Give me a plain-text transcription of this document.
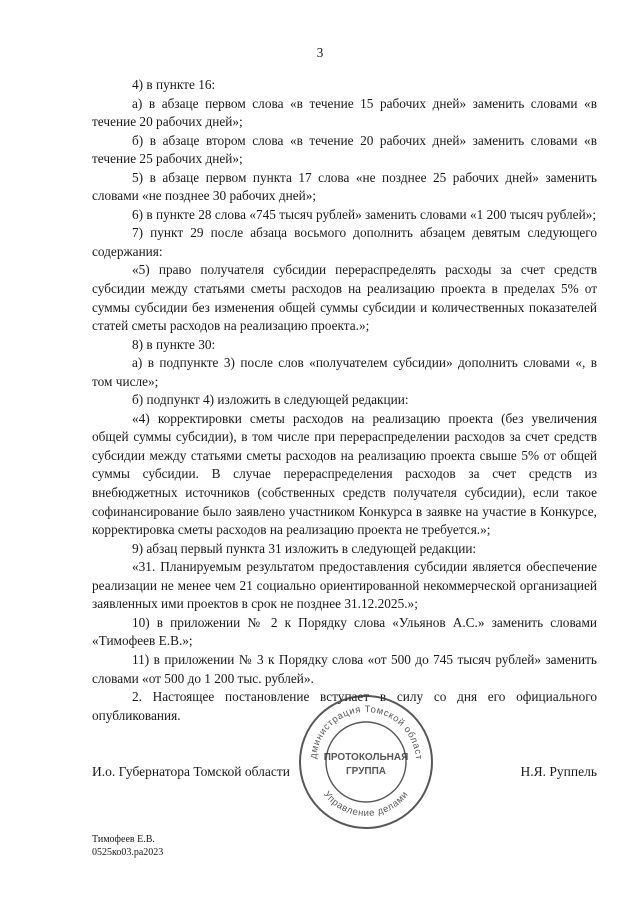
3

4) в пункте 16:

а) в абзаце первом слова «в течение 15 рабочих дней» заменить словами «в течение 20 рабочих дней»;

б) в абзаце втором слова «в течение 20 рабочих дней» заменить словами «в течение 25 рабочих дней»;

5) в абзаце первом пункта 17 слова «не позднее 25 рабочих дней» заменить словами «не позднее 30 рабочих дней»;

6) в пункте 28 слова «745 тысяч рублей» заменить словами «1 200 тысяч рублей»;

7) пункт 29 после абзаца восьмого дополнить абзацем девятым следующего содержания:

«5) право получателя субсидии перераспределять расходы за счет средств субсидии между статьями сметы расходов на реализацию проекта в пределах 5% от суммы субсидии без изменения общей суммы субсидии и количественных показателей статей сметы расходов на реализацию проекта.»;

8) в пункте 30:

а) в подпункте 3) после слов «получателем субсидии» дополнить словами «, в том числе»;

б) подпункт 4) изложить в следующей редакции:

«4) корректировки сметы расходов на реализацию проекта (без увеличения общей суммы субсидии), в том числе при перераспределении расходов за счет средств субсидии между статьями сметы расходов на реализацию проекта свыше 5% от общей суммы субсидии. В случае перераспределения расходов за счет средств из внебюджетных источников (собственных средств получателя субсидии), если такое софинансирование было заявлено участником Конкурса в заявке на участие в Конкурсе, корректировка сметы расходов на реализацию проекта не требуется.»;

9) абзац первый пункта 31 изложить в следующей редакции:

«31. Планируемым результатом предоставления субсидии является обеспечение реализации не менее чем 21 социально ориентированной некоммерческой организацией заявленных ими проектов в срок не позднее 31.12.2025.»;

10) в приложении № 2 к Порядку слова «Ульянов А.С.» заменить словами «Тимофеев Е.В.»;

11) в приложении № 3 к Порядку слова «от 500 до 745 тысяч рублей» заменить словами «от 500 до 1 200 тыс. рублей».

2. Настоящее постановление вступает в силу со дня его официального опубликования.

дминистрация Томской област
Управление делами
ПРОТОКОЛЬНАЯ
ГРУППА
И.о. Губернатора Томской области	Н.Я. Руппель
Тимофеев Е.В.
0525ко03.ра2023
